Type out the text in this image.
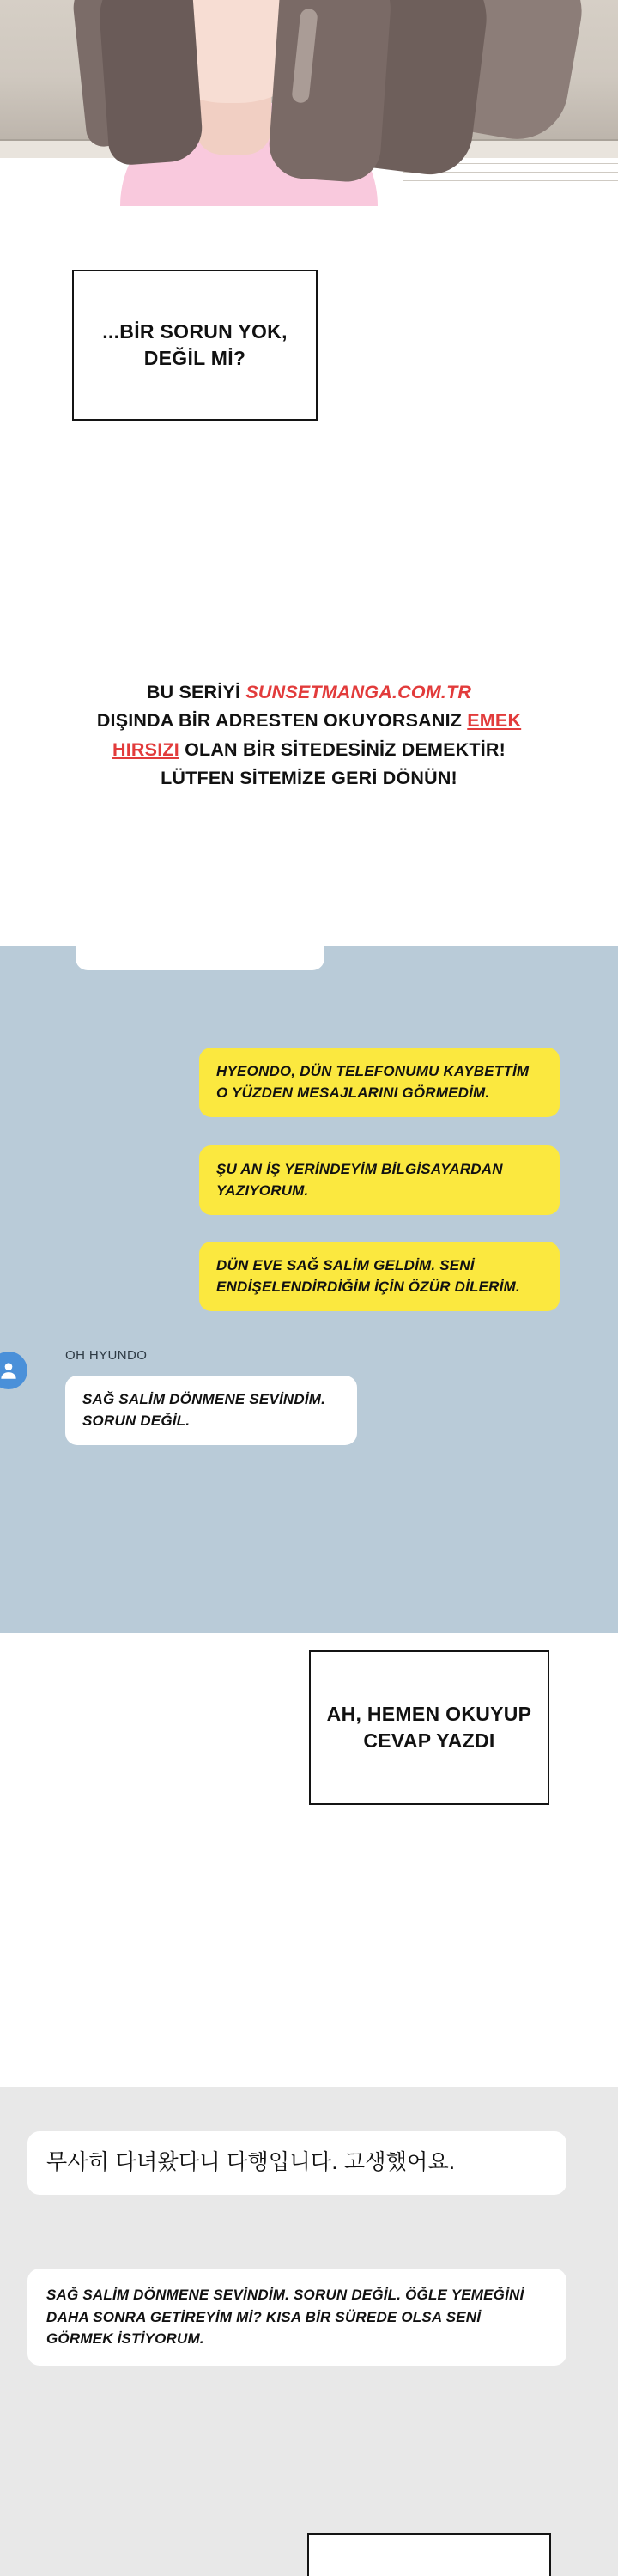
...BİR SORUN YOK, DEĞİL Mİ?
BU SERİYİ SUNSETMANGA.COM.TR
DIŞINDA BİR ADRESTEN OKUYORSANIZ EMEK
HIRSIZI OLAN BİR SİTEDESİNİZ DEMEKTİR!
LÜTFEN SİTEMİZE GERİ DÖNÜN!
HYEONDO, DÜN TELEFONUMU KAYBETTİM O YÜZDEN MESAJLARINI GÖRMEDİM.
ŞU AN İŞ YERİNDEYİM BİLGİSAYARDAN YAZIYORUM.
DÜN EVE SAĞ SALİM GELDİM. SENİ ENDİŞELENDİRDİĞİM İÇİN ÖZÜR DİLERİM.
OH HYUNDO
SAĞ SALİM DÖNMENE SEVİNDİM. SORUN DEĞİL.
AH, HEMEN OKUYUP CEVAP YAZDI
무사히 다녀왔다니 다행입니다. 고생했어요.
SAĞ SALİM DÖNMENE SEVİNDİM. SORUN DEĞİL. ÖĞLE YEMEĞİNİ DAHA SONRA GETİREYİM Mİ? KISA BİR SÜREDE OLSA SENİ GÖRMEK İSTİYORUM.
